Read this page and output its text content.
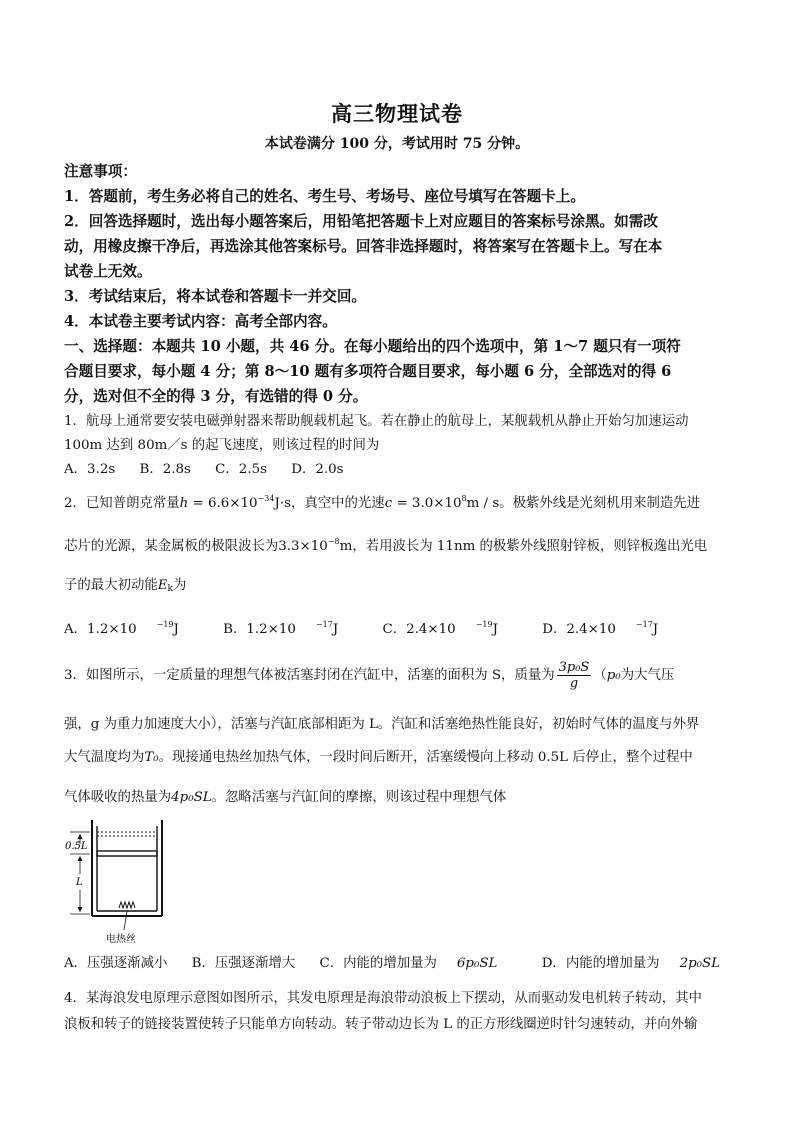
高三物理试卷
本试卷满分 100 分，考试用时 75 分钟。
注意事项：
1．答题前，考生务必将自己的姓名、考生号、考场号、座位号填写在答题卡上。
2．回答选择题时，选出每小题答案后，用铅笔把答题卡上对应题目的答案标号涂黑。如需改
动，用橡皮擦干净后，再选涂其他答案标号。回答非选择题时，将答案写在答题卡上。写在本
试卷上无效。
3．考试结束后，将本试卷和答题卡一并交回。
4．本试卷主要考试内容：高考全部内容。
一、选择题：本题共 10 小题，共 46 分。在每小题给出的四个选项中，第 1～7 题只有一项符
合题目要求，每小题 4 分；第 8～10 题有多项符合题目要求，每小题 6 分，全部选对的得 6
分，选对但不全的得 3 分，有选错的得 0 分。
1．航母上通常要安装电磁弹射器来帮助舰载机起飞。若在静止的航母上，某舰载机从静止开始匀加速运动
100m 达到 80m／s 的起飞速度，则该过程的时间为
A．3.2s B．2.8s C．2.5s D．2.0s
2．已知普朗克常量$h = 6.6\times 10^{-34}J\cdot s$，真空中的光速$c = 3.0\times 10^8m / s$。极紫外线是光刻机用来制造先进
芯片的光源，某金属板的极限波长为$3.3\times 10^{-8}m$，若用波长为 11nm 的极紫外线照射锌板，则锌板逸出光电
子的最大初动能$E_k$为
A．1.2×10	$^{-19}$J	B．1.2×10	$^{-17}$J	C．2.4×10	$^{-19}$J	D．2.4×10	$^{-17}$J
3．如图所示，一定质量的理想气体被活塞封闭在汽缸中，活塞的面积为 S，质量为 $\frac{\text{3p₀S}}{g} (p_0$为大气压
强，g 为重力加速度大小），活塞与汽缸底部相距为 L。汽缸和活塞绝热性能良好，初始时气体的温度与外界
大气温度均为T₀。现接通电热丝加热气体，一段时间后断开，活塞缓慢向上移动 0.5L 后停止，整个过程中
气体吸收的热量为4p₀SL。忽略活塞与汽缸间的摩擦，则该过程中理想气体
0.5L
L
电热丝
A．压强逐渐减小 B．压强逐渐增大 C．内能的增加量为 6p₀SL	D．内能的增加量为 2p₀SL
4．某海浪发电原理示意图如图所示，其发电原理是海浪带动浪板上下摆动，从而驱动发电机转子转动，其中
浪板和转子的链接装置使转子只能单方向转动。转子带动边长为 L 的正方形线圈逆时针匀速转动，并向外输
